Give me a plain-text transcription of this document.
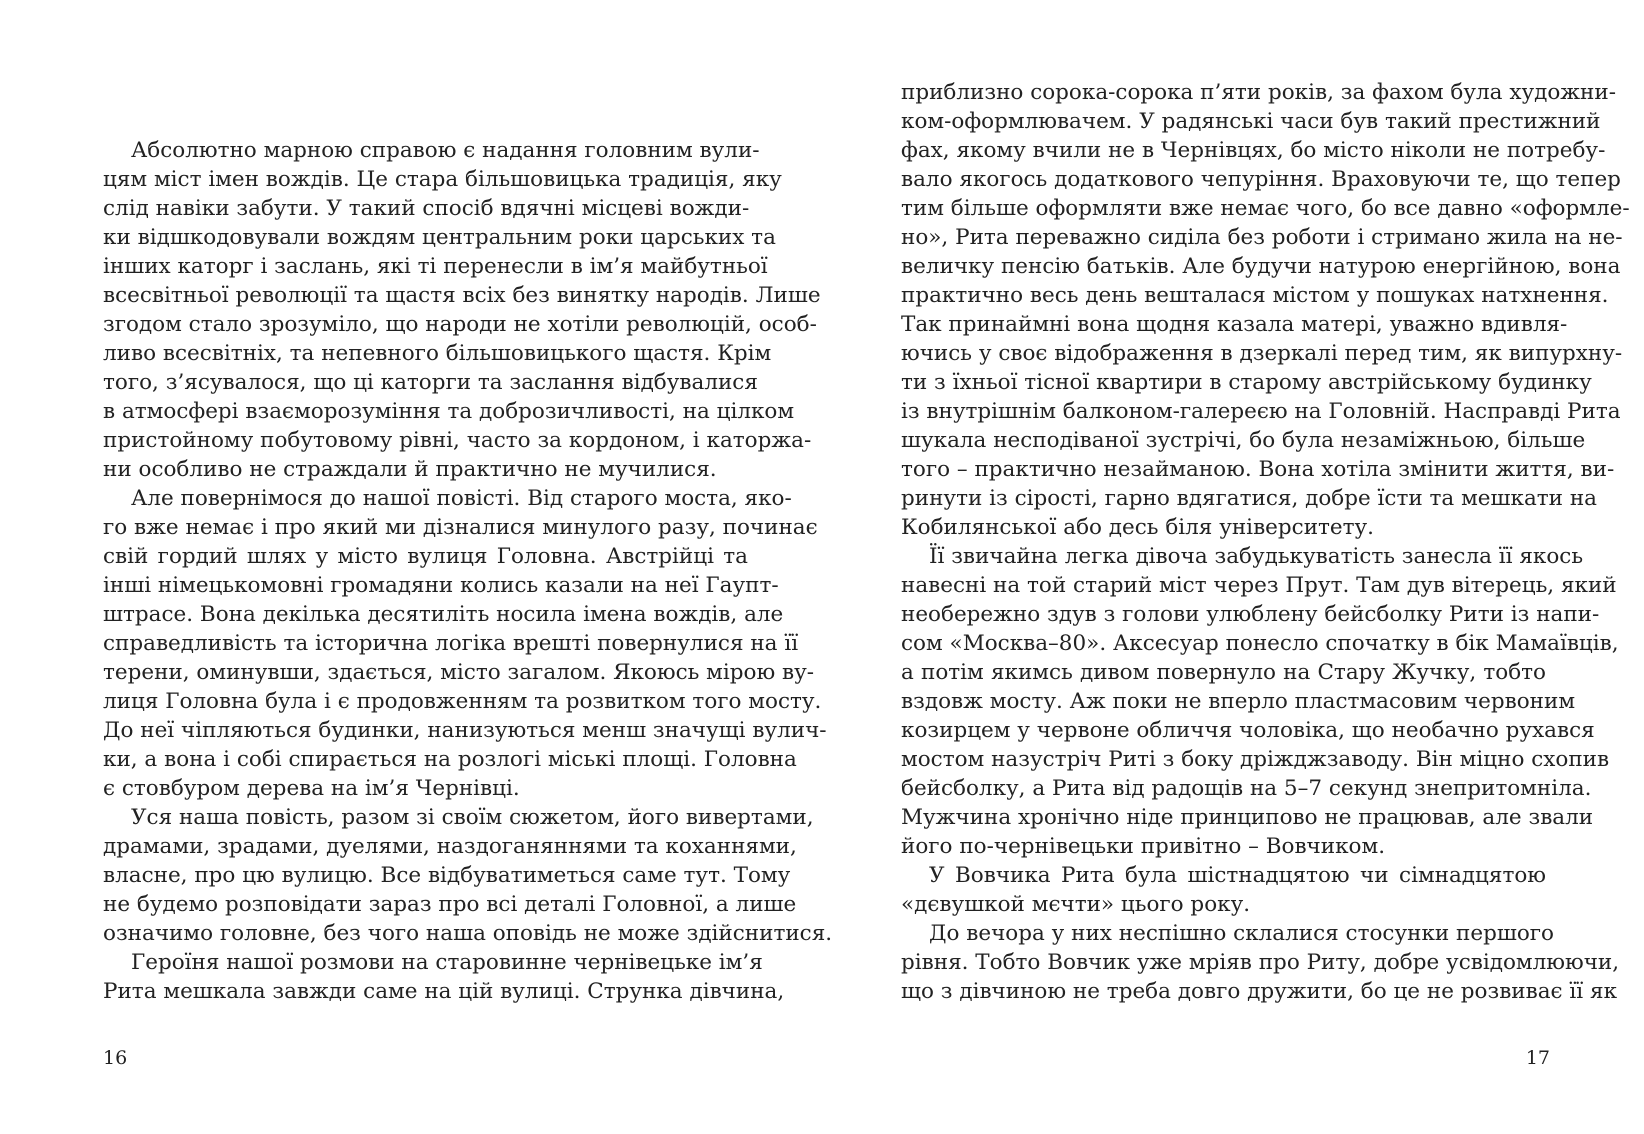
Абсолютно марною справою є надання головним вули-
цям міст імен вождів. Це стара більшовицька традиція, яку
слід навіки забути. У такий спосіб вдячні місцеві вожди-
ки відшкодовували вождям центральним роки царських та
інших каторг і заслань, які ті перенесли в ім’я майбутньої
всесвітньої революції та щастя всіх без винятку народів. Лише
згодом стало зрозуміло, що народи не хотіли революцій, особ-
ливо всесвітніх, та непевного більшовицького щастя. Крім
того, з’ясувалося, що ці каторги та заслання відбувалися
в атмосфері взаєморозуміння та доброзичливості, на цілком
пристойному побутовому рівні, часто за кордоном, і каторжа-
ни особливо не страждали й практично не мучилися.
Але повернімося до нашої повісті. Від старого моста, яко-
го вже немає і про який ми дізналися минулого разу, починає
свій гордий шлях у місто вулиця Головна. Австрійці та
інші німецькомовні громадяни колись казали на неї Гаупт-
штрасе. Вона декілька десятиліть носила імена вождів, але
справедливість та історична логіка врешті повернулися на її
терени, оминувши, здається, місто загалом. Якоюсь мірою ву-
лиця Головна була і є продовженням та розвитком того мосту.
До неї чіпляються будинки, нанизуються менш значущі вулич-
ки, а вона і собі спирається на розлогі міські площі. Головна
є стовбуром дерева на ім’я Чернівці.
Уся наша повість, разом зі своїм сюжетом, його вивертами,
драмами, зрадами, дуелями, наздоганяннями та коханнями,
власне, про цю вулицю. Все відбуватиметься саме тут. Тому
не будемо розповідати зараз про всі деталі Головної, а лише
означимо головне, без чого наша оповідь не може здійснитися.
Героїня нашої розмови на старовинне чернівецьке ім’я
Рита мешкала завжди саме на цій вулиці. Струнка дівчина,
16
приблизно сорока-сорока п’яти років, за фахом була художни-
ком-оформлювачем. У радянські часи був такий престижний
фах, якому вчили не в Чернівцях, бо місто ніколи не потребу-
вало якогось додаткового чепуріння. Враховуючи те, що тепер
тим більше оформляти вже немає чого, бо все давно «оформле-
но», Рита переважно сиділа без роботи і стримано жила на не-
величку пенсію батьків. Але будучи натурою енергійною, вона
практично весь день вешталася містом у пошуках натхнення.
Так принаймні вона щодня казала матері, уважно вдивля-
ючись у своє відображення в дзеркалі перед тим, як випурхну-
ти з їхньої тісної квартири в старому австрійському будинку
із внутрішнім балконом-галереєю на Головній. Насправді Рита
шукала несподіваної зустрічі, бо була незаміжньою, більше
того – практично незайманою. Вона хотіла змінити життя, ви-
ринути із сірості, гарно вдягатися, добре їсти та мешкати на
Кобилянської або десь біля університету.
Її звичайна легка дівоча забудькуватість занесла її якось
навесні на той старий міст через Прут. Там дув вітерець, який
необережно здув з голови улюблену бейсболку Рити із напи-
сом «Москва–80». Аксесуар понесло спочатку в бік Мамаївців,
а потім якимсь дивом повернуло на Стару Жучку, тобто
вздовж мосту. Аж поки не вперло пластмасовим червоним
козирцем у червоне обличчя чоловіка, що необачно рухався
мостом назустріч Риті з боку дріжджзаводу. Він міцно схопив
бейсболку, а Рита від радощів на 5–7 секунд знепритомніла.
Мужчина хронічно ніде принципово не працював, але звали
його по-чернівецьки привітно – Вовчиком.
У Вовчика Рита була шістнадцятою чи сімнадцятою
«дєвушкой мєчти» цього року.
До вечора у них неспішно склалися стосунки першого
рівня. Тобто Вовчик уже мріяв про Риту, добре усвідомлюючи,
що з дівчиною не треба довго дружити, бо це не розвиває її як
17
